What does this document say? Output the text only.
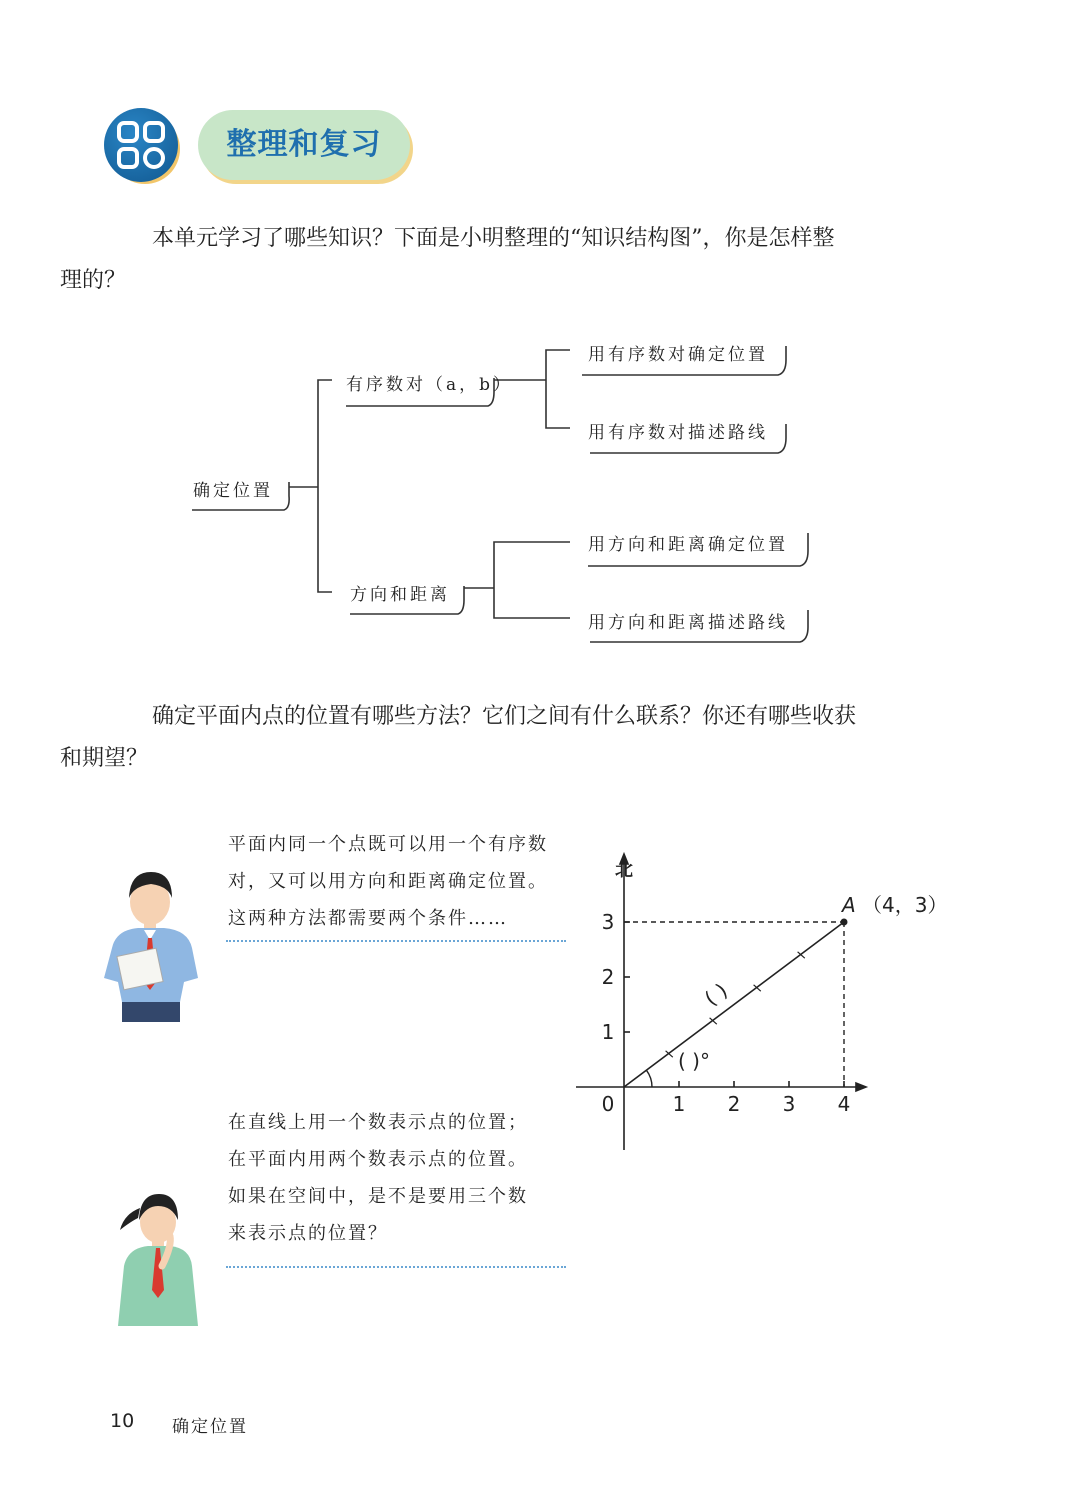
整理和复习
本单元学习了哪些知识？下面是小明整理的“知识结构图”，你是怎样整
理的？
确定位置
有序数对（a，b）
用有序数对确定位置
用有序数对描述路线
方向和距离
用方向和距离确定位置
用方向和距离描述路线
确定平面内点的位置有哪些方法？它们之间有什么联系？你还有哪些收获
和期望？
平面内同一个点既可以用一个有序数
对，又可以用方向和距离确定位置。
这两种方法都需要两个条件……
在直线上用一个数表示点的位置；
在平面内用两个数表示点的位置。
如果在空间中，是不是要用三个数
来表示点的位置？
北
0	1 2 3 4
1
2
3
A （4，3）
( )
( )°
10 确定位置
